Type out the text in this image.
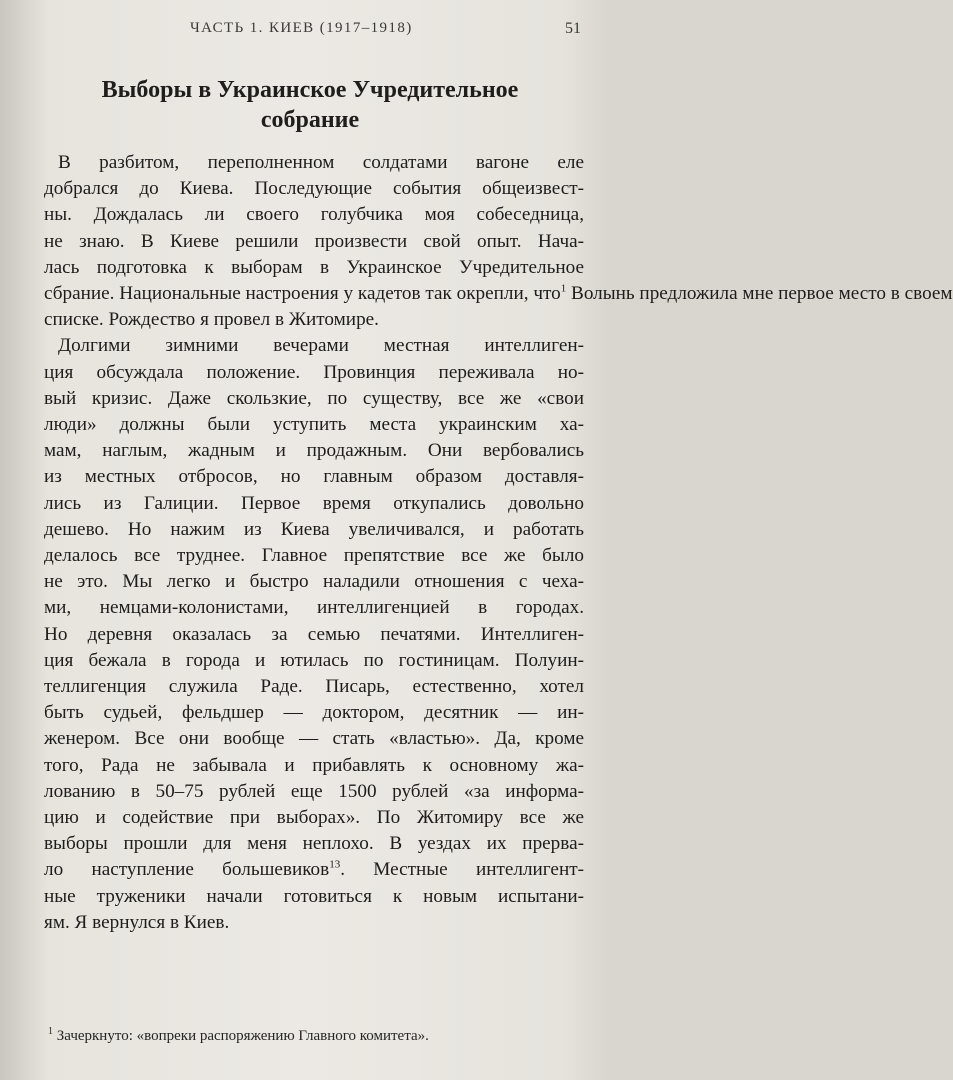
ЧАСТЬ 1. КИЕВ (1917–1918)	51
Выборы в Украинское Учредительное
собрание
В разбитом, переполненном солдатами вагоне еле
добрался до Киева. Последующие события общеизвест-
ны. Дождалась ли своего голубчика моя собеседница,
не знаю. В Киеве решили произвести свой опыт. Нача-
лась подготовка к выборам в Украинское Учредительное
сбрание. Национальные настроения у кадетов так окрепли, что$^1$ Волынь предложила мне первое место в своем
списке. Рождество я провел в Житомире.
Долгими зимними вечерами местная интеллиген-
ция обсуждала положение. Провинция переживала но-
вый кризис. Даже скользкие, по существу, все же «свои
люди» должны были уступить места украинским ха-
мам, наглым, жадным и продажным. Они вербовались
из местных отбросов, но главным образом доставля-
лись из Галиции. Первое время откупались довольно
дешево. Но нажим из Киева увеличивался, и работать
делалось все труднее. Главное препятствие все же было
не это. Мы легко и быстро наладили отношения с чеха-
ми, немцами-колонистами, интеллигенцией в городах.
Но деревня оказалась за семью печатями. Интеллиген-
ция бежала в города и ютилась по гостиницам. Полуин-
теллигенция служила Раде. Писарь, естественно, хотел
быть судьей, фельдшер — доктором, десятник — ин-
женером. Все они вообще — стать «властью». Да, кроме
того, Рада не забывала и прибавлять к основному жа-
лованию в 50–75 рублей еще 1500 рублей «за информа-
цию и содействие при выборах». По Житомиру все же
выборы прошли для меня неплохо. В уездах их прерва-
ло наступление большевиков$^{13}$. Местные интеллигент-
ные труженики начали готовиться к новым испытани-
ям. Я вернулся в Киев.
$^1$ Зачеркнуто: «вопреки распоряжению Главного комитета».
